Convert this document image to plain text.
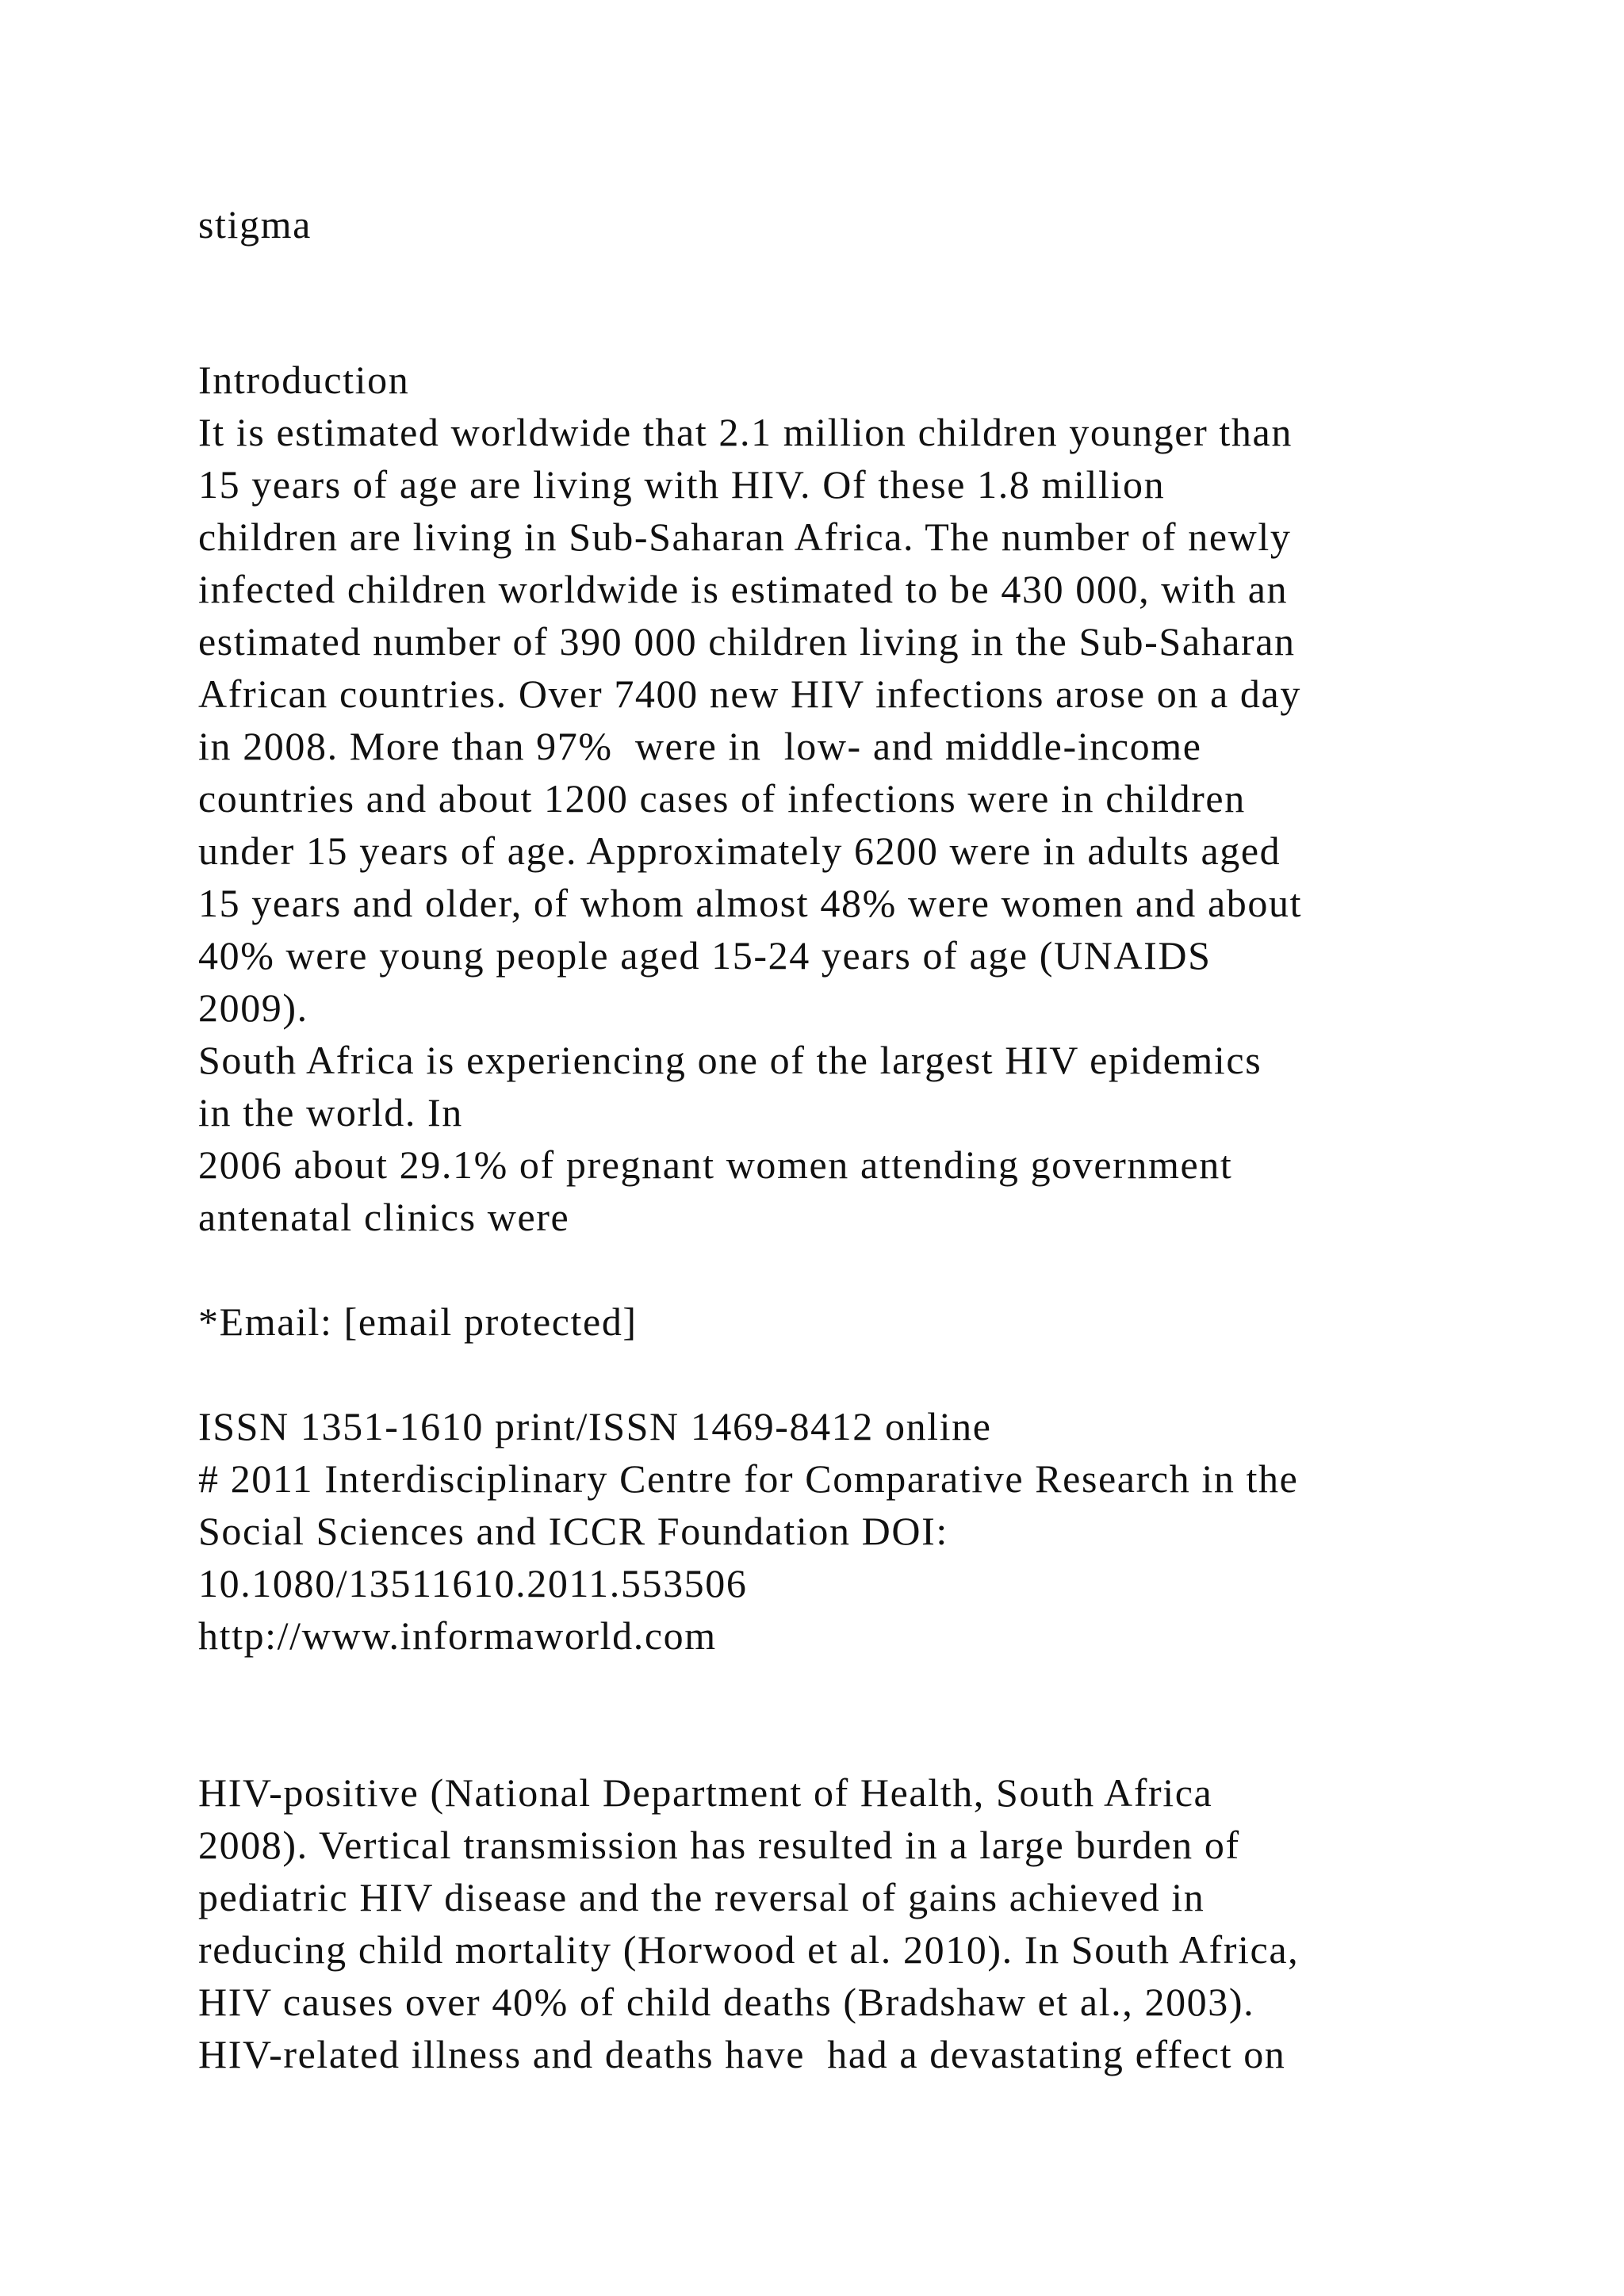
stigma
Introduction
It is estimated worldwide that 2.1 million children younger than
15 years of age are living with HIV. Of these 1.8 million
children are living in Sub-Saharan Africa. The number of newly
infected children worldwide is estimated to be 430 000, with an
estimated number of 390 000 children living in the Sub-Saharan
African countries. Over 7400 new HIV infections arose on a day
in 2008. More than 97%  were in  low- and middle-income
countries and about 1200 cases of infections were in children
under 15 years of age. Approximately 6200 were in adults aged
15 years and older, of whom almost 48% were women and about
40% were young people aged 15-24 years of age (UNAIDS
2009).
South Africa is experiencing one of the largest HIV epidemics
in the world. In
2006 about 29.1% of pregnant women attending government
antenatal clinics were
*Email: [email protected]
ISSN 1351-1610 print/ISSN 1469-8412 online
# 2011 Interdisciplinary Centre for Comparative Research in the
Social Sciences and ICCR Foundation DOI:
10.1080/13511610.2011.553506
http://www.informaworld.com
HIV-positive (National Department of Health, South Africa
2008). Vertical transmission has resulted in a large burden of
pediatric HIV disease and the reversal of gains achieved in
reducing child mortality (Horwood et al. 2010). In South Africa,
HIV causes over 40% of child deaths (Bradshaw et al., 2003).
HIV-related illness and deaths have  had a devastating effect on
